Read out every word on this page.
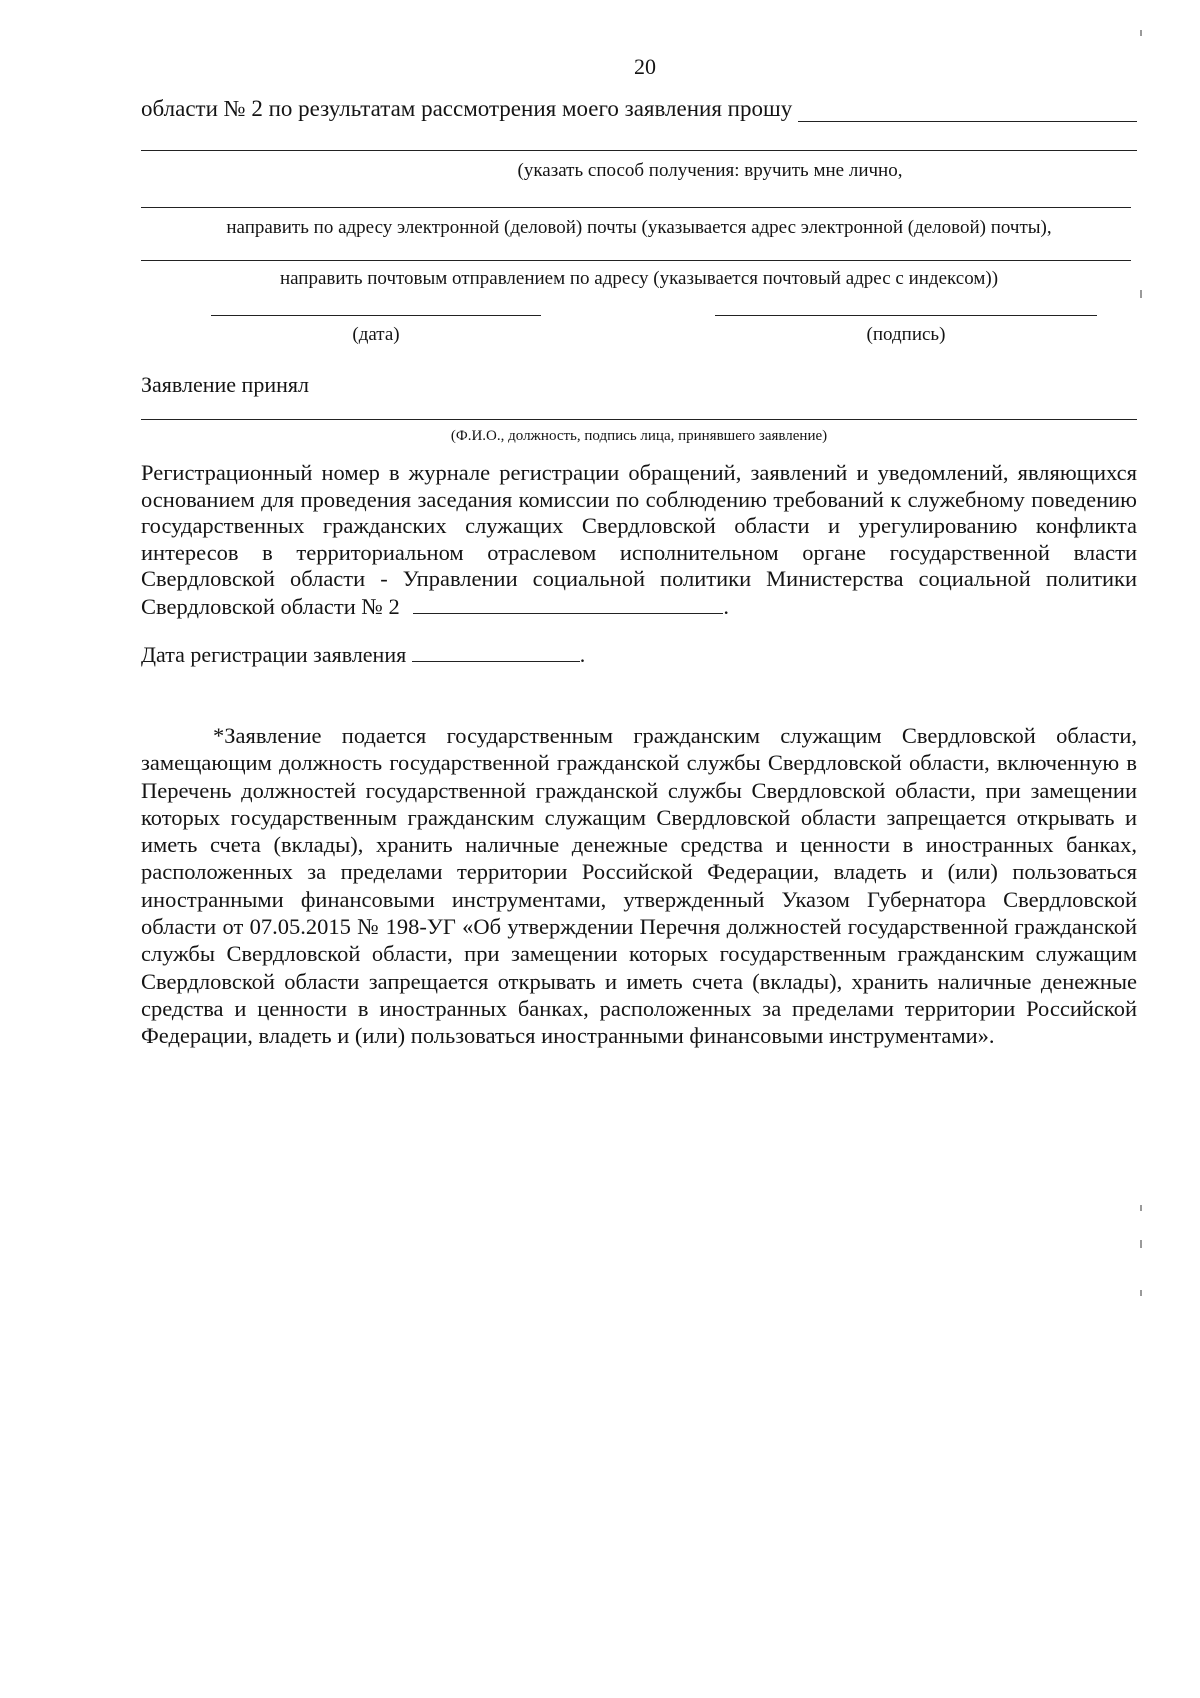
20
области № 2 по результатам рассмотрения моего заявления прошу
(указать способ получения: вручить мне лично,
направить по адресу электронной (деловой) почты (указывается адрес электронной (деловой) почты),
направить почтовым отправлением по адресу (указывается почтовый адрес с индексом))
(дата)	(подпись)
Заявление принял
(Ф.И.О., должность, подпись лица, принявшего заявление)
Регистрационный номер в журнале регистрации обращений, заявлений и уведомлений, являющихся основанием для проведения заседания комиссии по соблюдению требований к служебному поведению государственных гражданских служащих Свердловской области и урегулированию конфликта интересов в территориальном отраслевом исполнительном органе государственной власти Свердловской области - Управлении социальной политики Министерства социальной политики Свердловской области № 2	.
Дата регистрации заявления	.
*Заявление подается государственным гражданским служащим Свердловской области, замещающим должность государственной гражданской службы Свердловской области, включенную в Перечень должностей государственной гражданской службы Свердловской области, при замещении которых государственным гражданским служащим Свердловской области запрещается открывать и иметь счета (вклады), хранить наличные денежные средства и ценности в иностранных банках, расположенных за пределами территории Российской Федерации, владеть и (или) пользоваться иностранными финансовыми инструментами, утвержденный Указом Губернатора Свердловской области от 07.05.2015 № 198-УГ «Об утверждении Перечня должностей государственной гражданской службы Свердловской области, при замещении которых государственным гражданским служащим Свердловской области запрещается открывать и иметь счета (вклады), хранить наличные денежные средства и ценности в иностранных банках, расположенных за пределами территории Российской Федерации, владеть и (или) пользоваться иностранными финансовыми инструментами».
